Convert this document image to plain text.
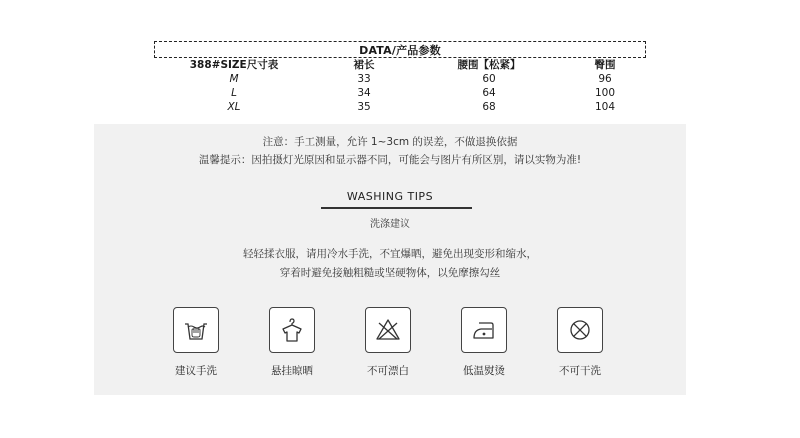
DATA/产品参数
388#SIZE尺寸表	裙长	腰围【松紧】	臀围
M	33	60	96
L	34	64	100
XL	35	68	104
注意：手工测量，允许 1~3cm 的误差，不做退换依据
温馨提示：因拍摄灯光原因和显示器不同，可能会与图片有所区别，请以实物为准!
WASHING TIPS
洗涤建议
轻轻揉衣服，请用冷水手洗，不宜爆晒，避免出现变形和缩水，
穿着时避免接触粗糙或坚硬物体，以免摩擦勾丝
建议手洗	悬挂晾晒	不可漂白	低温熨烫	不可干洗
